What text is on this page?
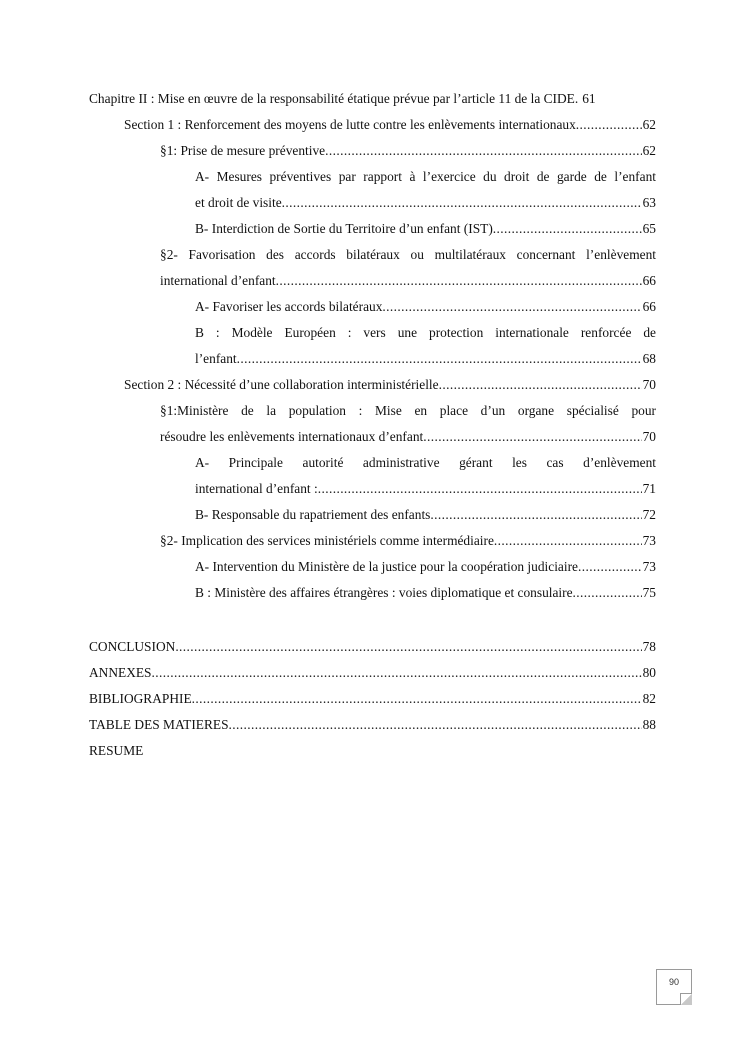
Chapitre II : Mise en œuvre de la responsabilité étatique prévue par l’article 11 de la CIDE. 61
Section 1 : Renforcement des moyens de lutte contre les enlèvements internationaux .....	62
§1: Prise de mesure préventive .....	62
A- Mesures préventives par rapport à l’exercice du droit de garde de l’enfant
et droit de visite .....	63
B- Interdiction de Sortie du Territoire d’un enfant (IST) .....	65
§2- Favorisation des accords bilatéraux ou multilatéraux concernant l’enlèvement
international d’enfant .....	66
A- Favoriser les accords bilatéraux .....	66
B : Modèle Européen : vers une protection internationale renforcée de
l’enfant .....	68
Section 2 : Nécessité d’une collaboration interministérielle .....	70
§1:Ministère de la population : Mise en place d’un organe spécialisé pour
résoudre les enlèvements internationaux d’enfant .....	70
A- Principale autorité administrative gérant les cas d’enlèvement
international d’enfant : .....	71
B- Responsable du rapatriement des enfants .....	72
§2- Implication des services ministériels comme intermédiaire .....	73
A- Intervention du Ministère de la justice pour la coopération judiciaire .....	73
B : Ministère des affaires étrangères : voies diplomatique et consulaire .....	75
CONCLUSION .....	78
ANNEXES .....	80
BIBLIOGRAPHIE .....	82
TABLE DES MATIERES .....	88
RESUME
90
